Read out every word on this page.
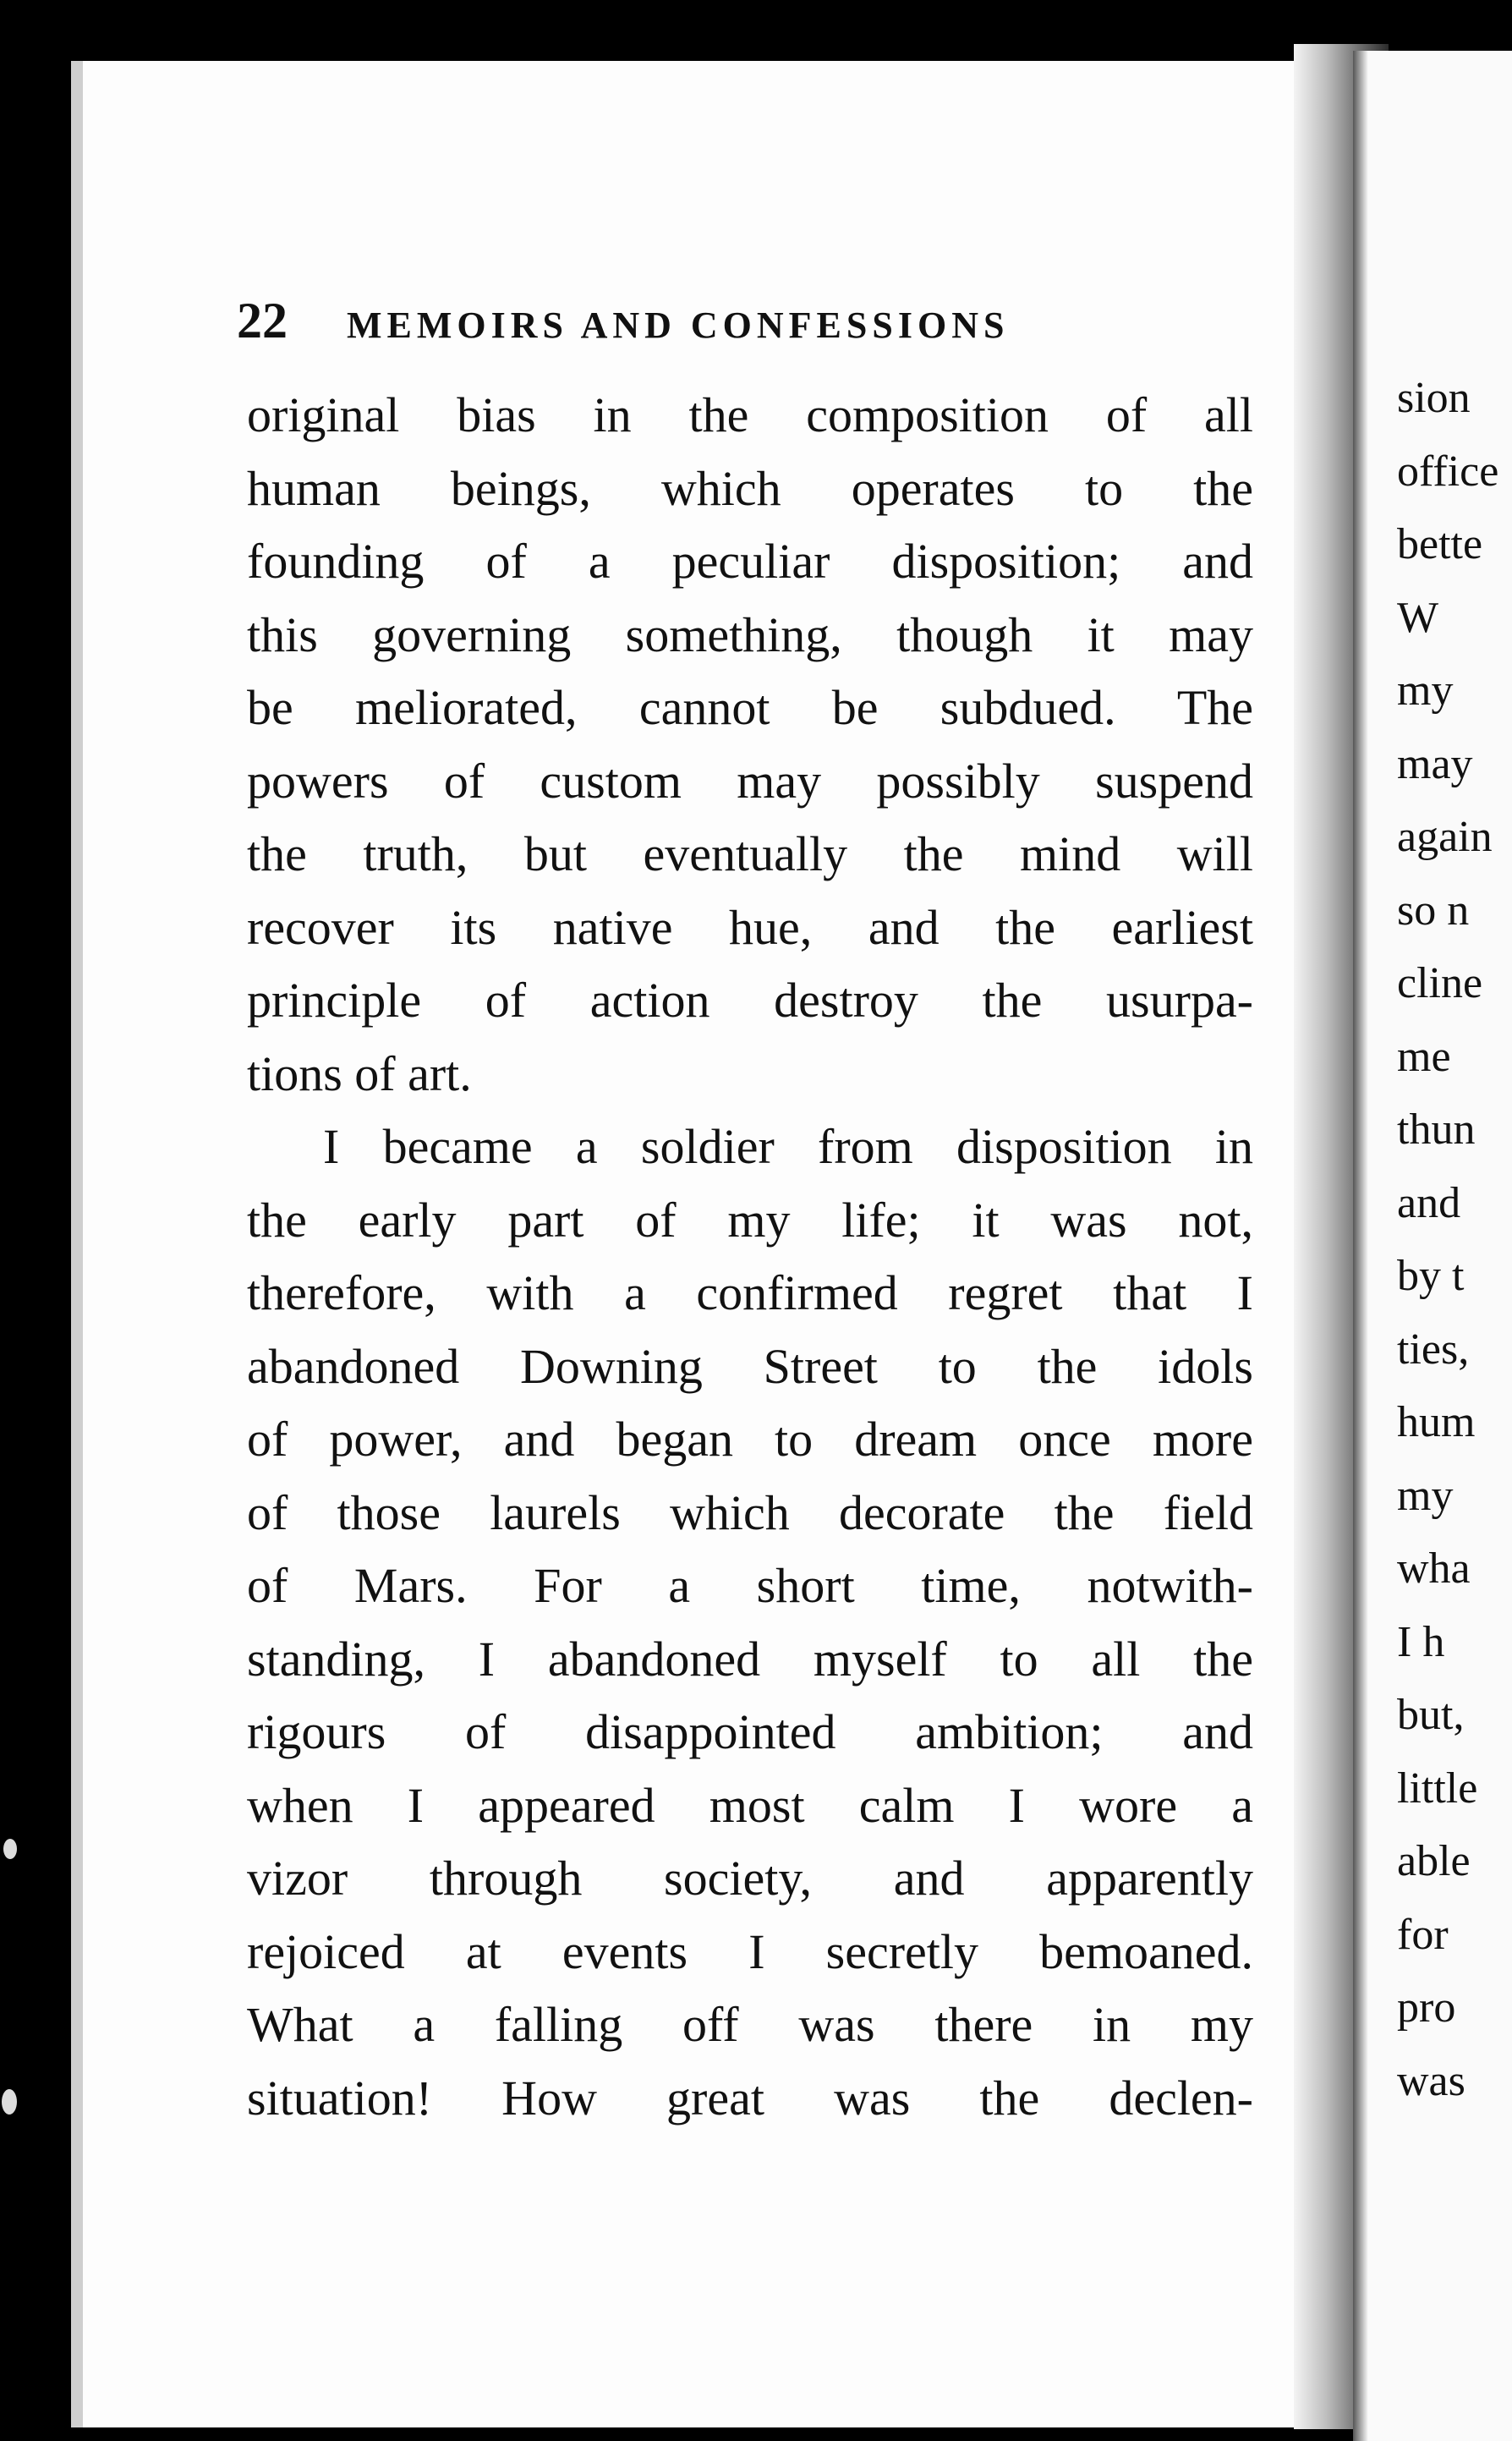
22 MEMOIRS AND CONFESSIONS
original bias in the composition of all
human beings, which operates to the
founding of a peculiar disposition; and
this governing something, though it may
be meliorated, cannot be subdued. The
powers of custom may possibly suspend
the truth, but eventually the mind will
recover its native hue, and the earliest
principle of action destroy the usurpa-
tions of art.
I became a soldier from disposition in
the early part of my life; it was not,
therefore, with a confirmed regret that I
abandoned Downing Street to the idols
of power, and began to dream once more
of those laurels which decorate the field
of Mars. For a short time, notwith-
standing, I abandoned myself to all the
rigours of disappointed ambition; and
when I appeared most calm I wore a
vizor through society, and apparently
rejoiced at events I secretly bemoaned.
What a falling off was there in my
situation! How great was the declen-
sion
office
bette
W
my
may
again
so n
cline
me
thun
and
by t
ties,
hum
my
wha
I h
but,
little
able
for
pro
was
